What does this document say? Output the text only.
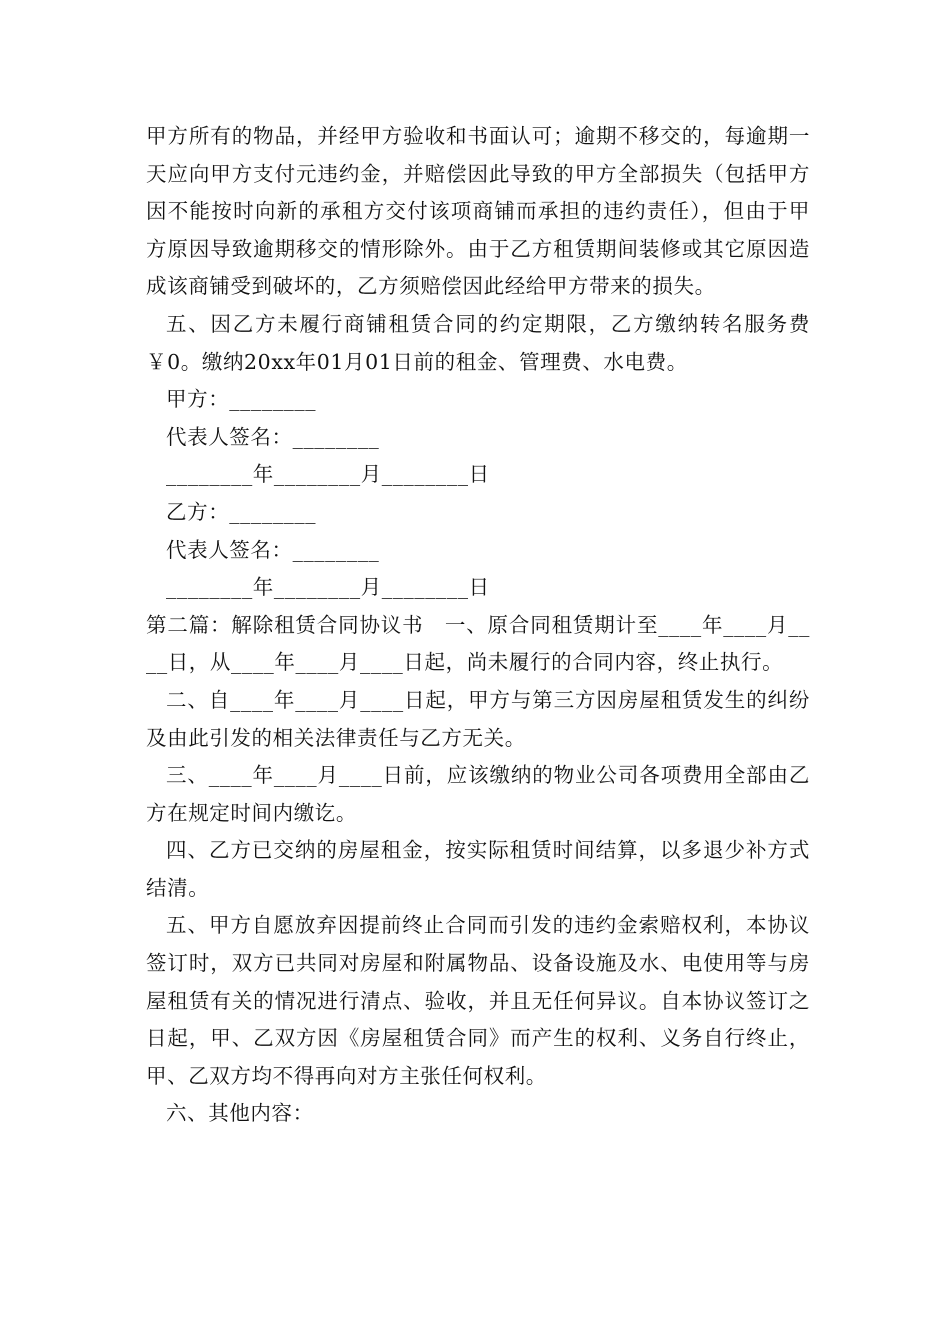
甲方所有的物品，并经甲方验收和书面认可；逾期不移交的，每逾期一天应向甲方支付元违约金，并赔偿因此导致的甲方全部损失（包括甲方因不能按时向新的承租方交付该项商铺而承担的违约责任），但由于甲方原因导致逾期移交的情形除外。由于乙方租赁期间装修或其它原因造成该商铺受到破坏的，乙方须赔偿因此经给甲方带来的损失。

五、因乙方未履行商铺租赁合同的约定期限，乙方缴纳转名服务费￥0。缴纳20xx年01月01日前的租金、管理费、水电费。

甲方：________

代表人签名：________

________年________月________日

乙方：________

代表人签名：________

________年________月________日

第二篇：解除租赁合同协议书　一、原合同租赁期计至____年____月____日，从____年____月____日起，尚未履行的合同内容，终止执行。

二、自____年____月____日起，甲方与第三方因房屋租赁发生的纠纷及由此引发的相关法律责任与乙方无关。

三、____年____月____日前，应该缴纳的物业公司各项费用全部由乙方在规定时间内缴讫。

四、乙方已交纳的房屋租金，按实际租赁时间结算，以多退少补方式结清。

五、甲方自愿放弃因提前终止合同而引发的违约金索赔权利，本协议签订时，双方已共同对房屋和附属物品、设备设施及水、电使用等与房屋租赁有关的情况进行清点、验收，并且无任何异议。自本协议签订之日起，甲、乙双方因《房屋租赁合同》而产生的权利、义务自行终止，甲、乙双方均不得再向对方主张任何权利。

六、其他内容：
